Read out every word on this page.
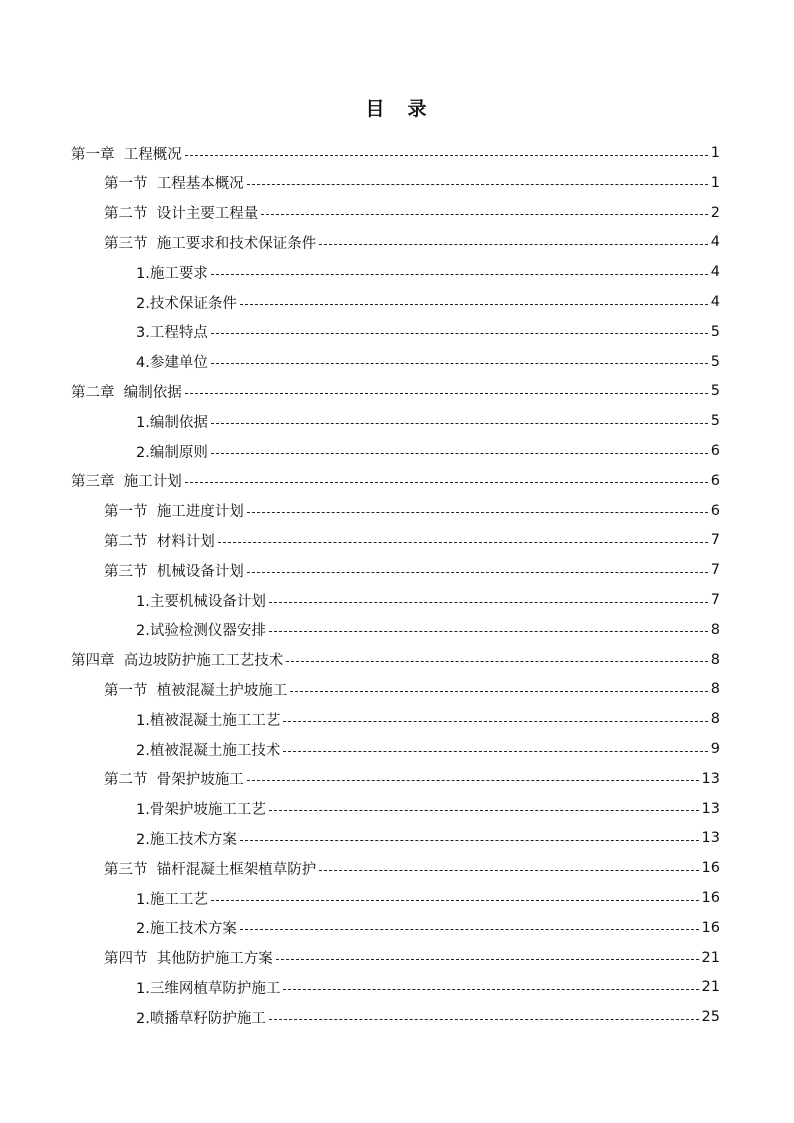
目　录
第一章  工程概况	1
第一节  工程基本概况	1
第二节  设计主要工程量	2
第三节  施工要求和技术保证条件	4
1.施工要求	4
2.技术保证条件	4
3.工程特点	5
4.参建单位	5
第二章  编制依据	5
1.编制依据	5
2.编制原则	6
第三章  施工计划	6
第一节  施工进度计划	6
第二节  材料计划	7
第三节  机械设备计划	7
1.主要机械设备计划	7
2.试验检测仪器安排	8
第四章  高边坡防护施工工艺技术	8
第一节  植被混凝土护坡施工	8
1.植被混凝土施工工艺	8
2.植被混凝土施工技术	9
第二节  骨架护坡施工	13
1.骨架护坡施工工艺	13
2.施工技术方案	13
第三节  锚杆混凝土框架植草防护	16
1.施工工艺	16
2.施工技术方案	16
第四节  其他防护施工方案	21
1.三维网植草防护施工	21
2.喷播草籽防护施工	25
